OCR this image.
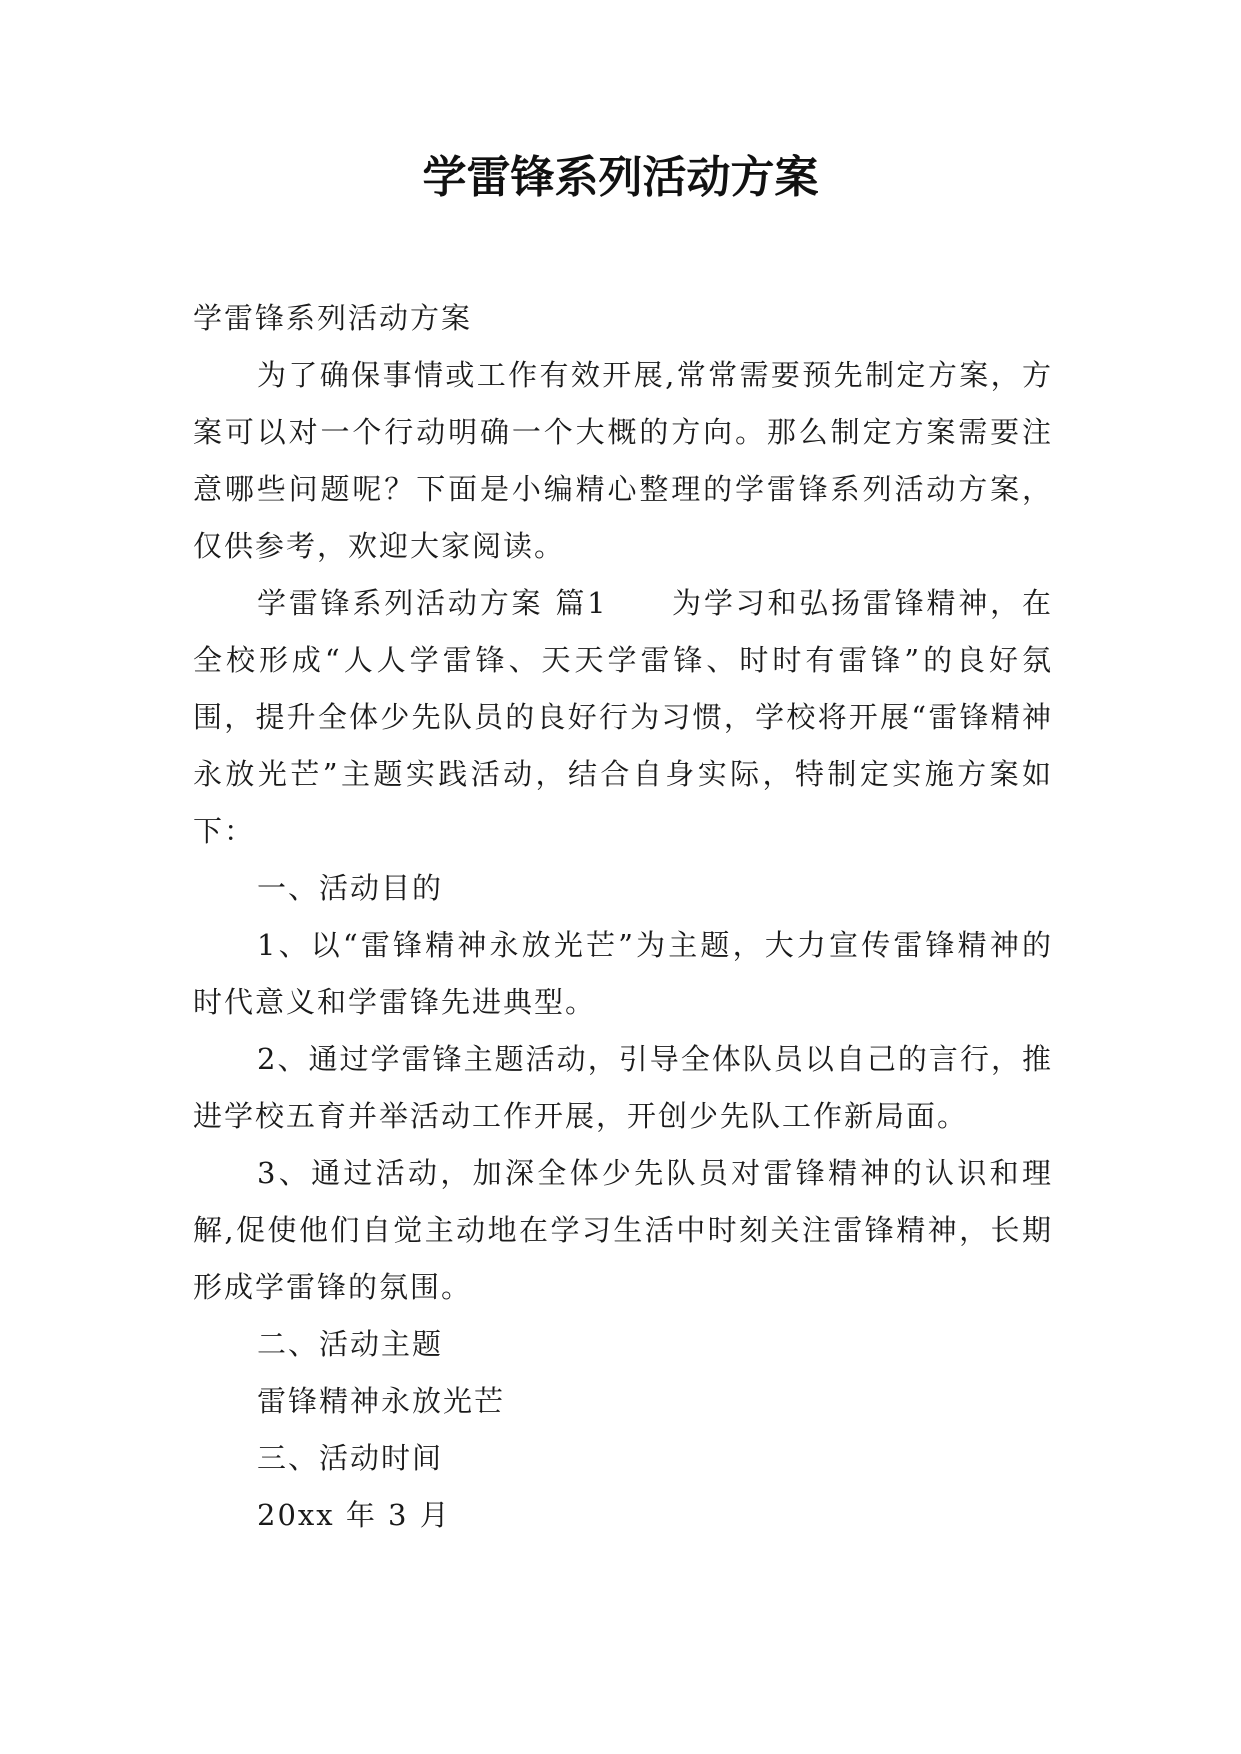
学雷锋系列活动方案

学雷锋系列活动方案

为了确保事情或工作有效开展,常常需要预先制定方案，方案可以对一个行动明确一个大概的方向。那么制定方案需要注意哪些问题呢？下面是小编精心整理的学雷锋系列活动方案，仅供参考，欢迎大家阅读。

学雷锋系列活动方案 篇1　　为学习和弘扬雷锋精神，在全校形成“人人学雷锋、天天学雷锋、时时有雷锋”的良好氛围，提升全体少先队员的良好行为习惯，学校将开展“雷锋精神永放光芒”主题实践活动，结合自身实际，特制定实施方案如下：

一、活动目的

1、以“雷锋精神永放光芒”为主题，大力宣传雷锋精神的时代意义和学雷锋先进典型。

2、通过学雷锋主题活动，引导全体队员以自己的言行，推进学校五育并举活动工作开展，开创少先队工作新局面。

3、通过活动，加深全体少先队员对雷锋精神的认识和理解,促使他们自觉主动地在学习生活中时刻关注雷锋精神，长期形成学雷锋的氛围。

二、活动主题

雷锋精神永放光芒

三、活动时间

20xx 年 3 月
